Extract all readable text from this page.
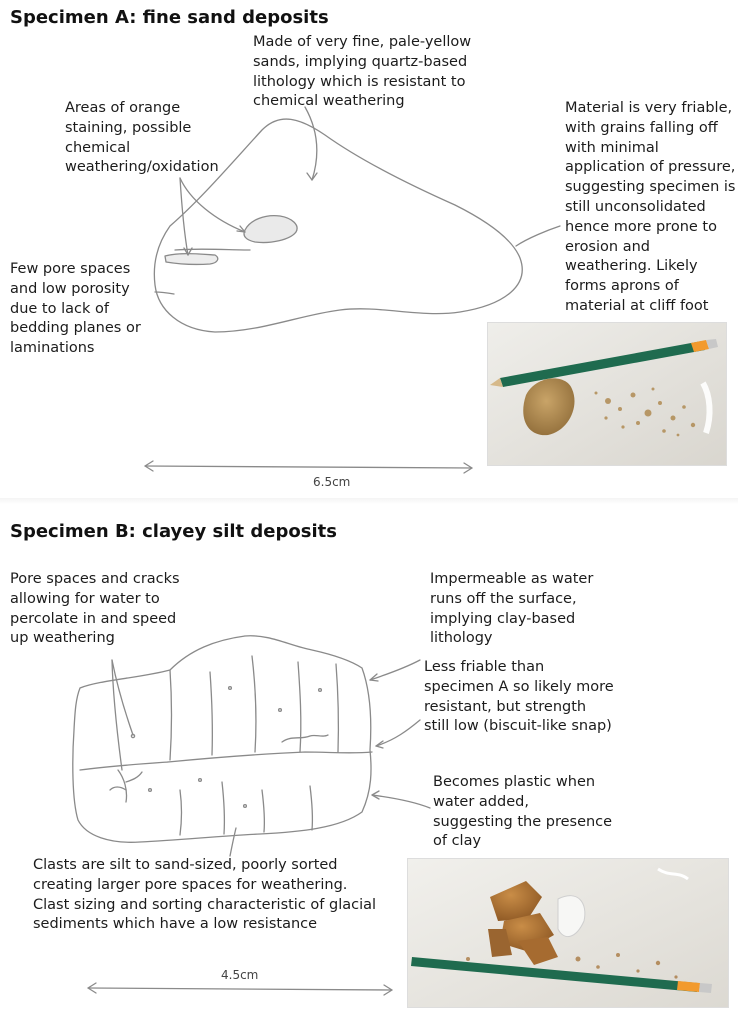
Specimen A: fine sand deposits
Made of very fine, pale-yellow sands, implying quartz-based lithology which is resistant to chemical weathering
Areas of orange staining, possible chemical weathering/oxidation
Material is very friable, with grains falling off with minimal application of pressure, suggesting specimen is still unconsolidated hence more prone to erosion and weathering. Likely forms aprons of material at cliff foot
Few pore spaces and low porosity due to lack of bedding planes or laminations
6.5cm
Specimen B: clayey silt deposits
Pore spaces and cracks allowing for water to percolate in and speed up weathering
Impermeable as water runs off the surface, implying clay-based lithology
Less friable than specimen A so likely more resistant, but strength still low (biscuit-like snap)
Becomes plastic when water added, suggesting the presence of clay
Clasts are silt to sand-sized, poorly sorted creating larger pore spaces for weathering. Clast sizing and sorting characteristic of glacial sediments which have a low resistance
4.5cm
